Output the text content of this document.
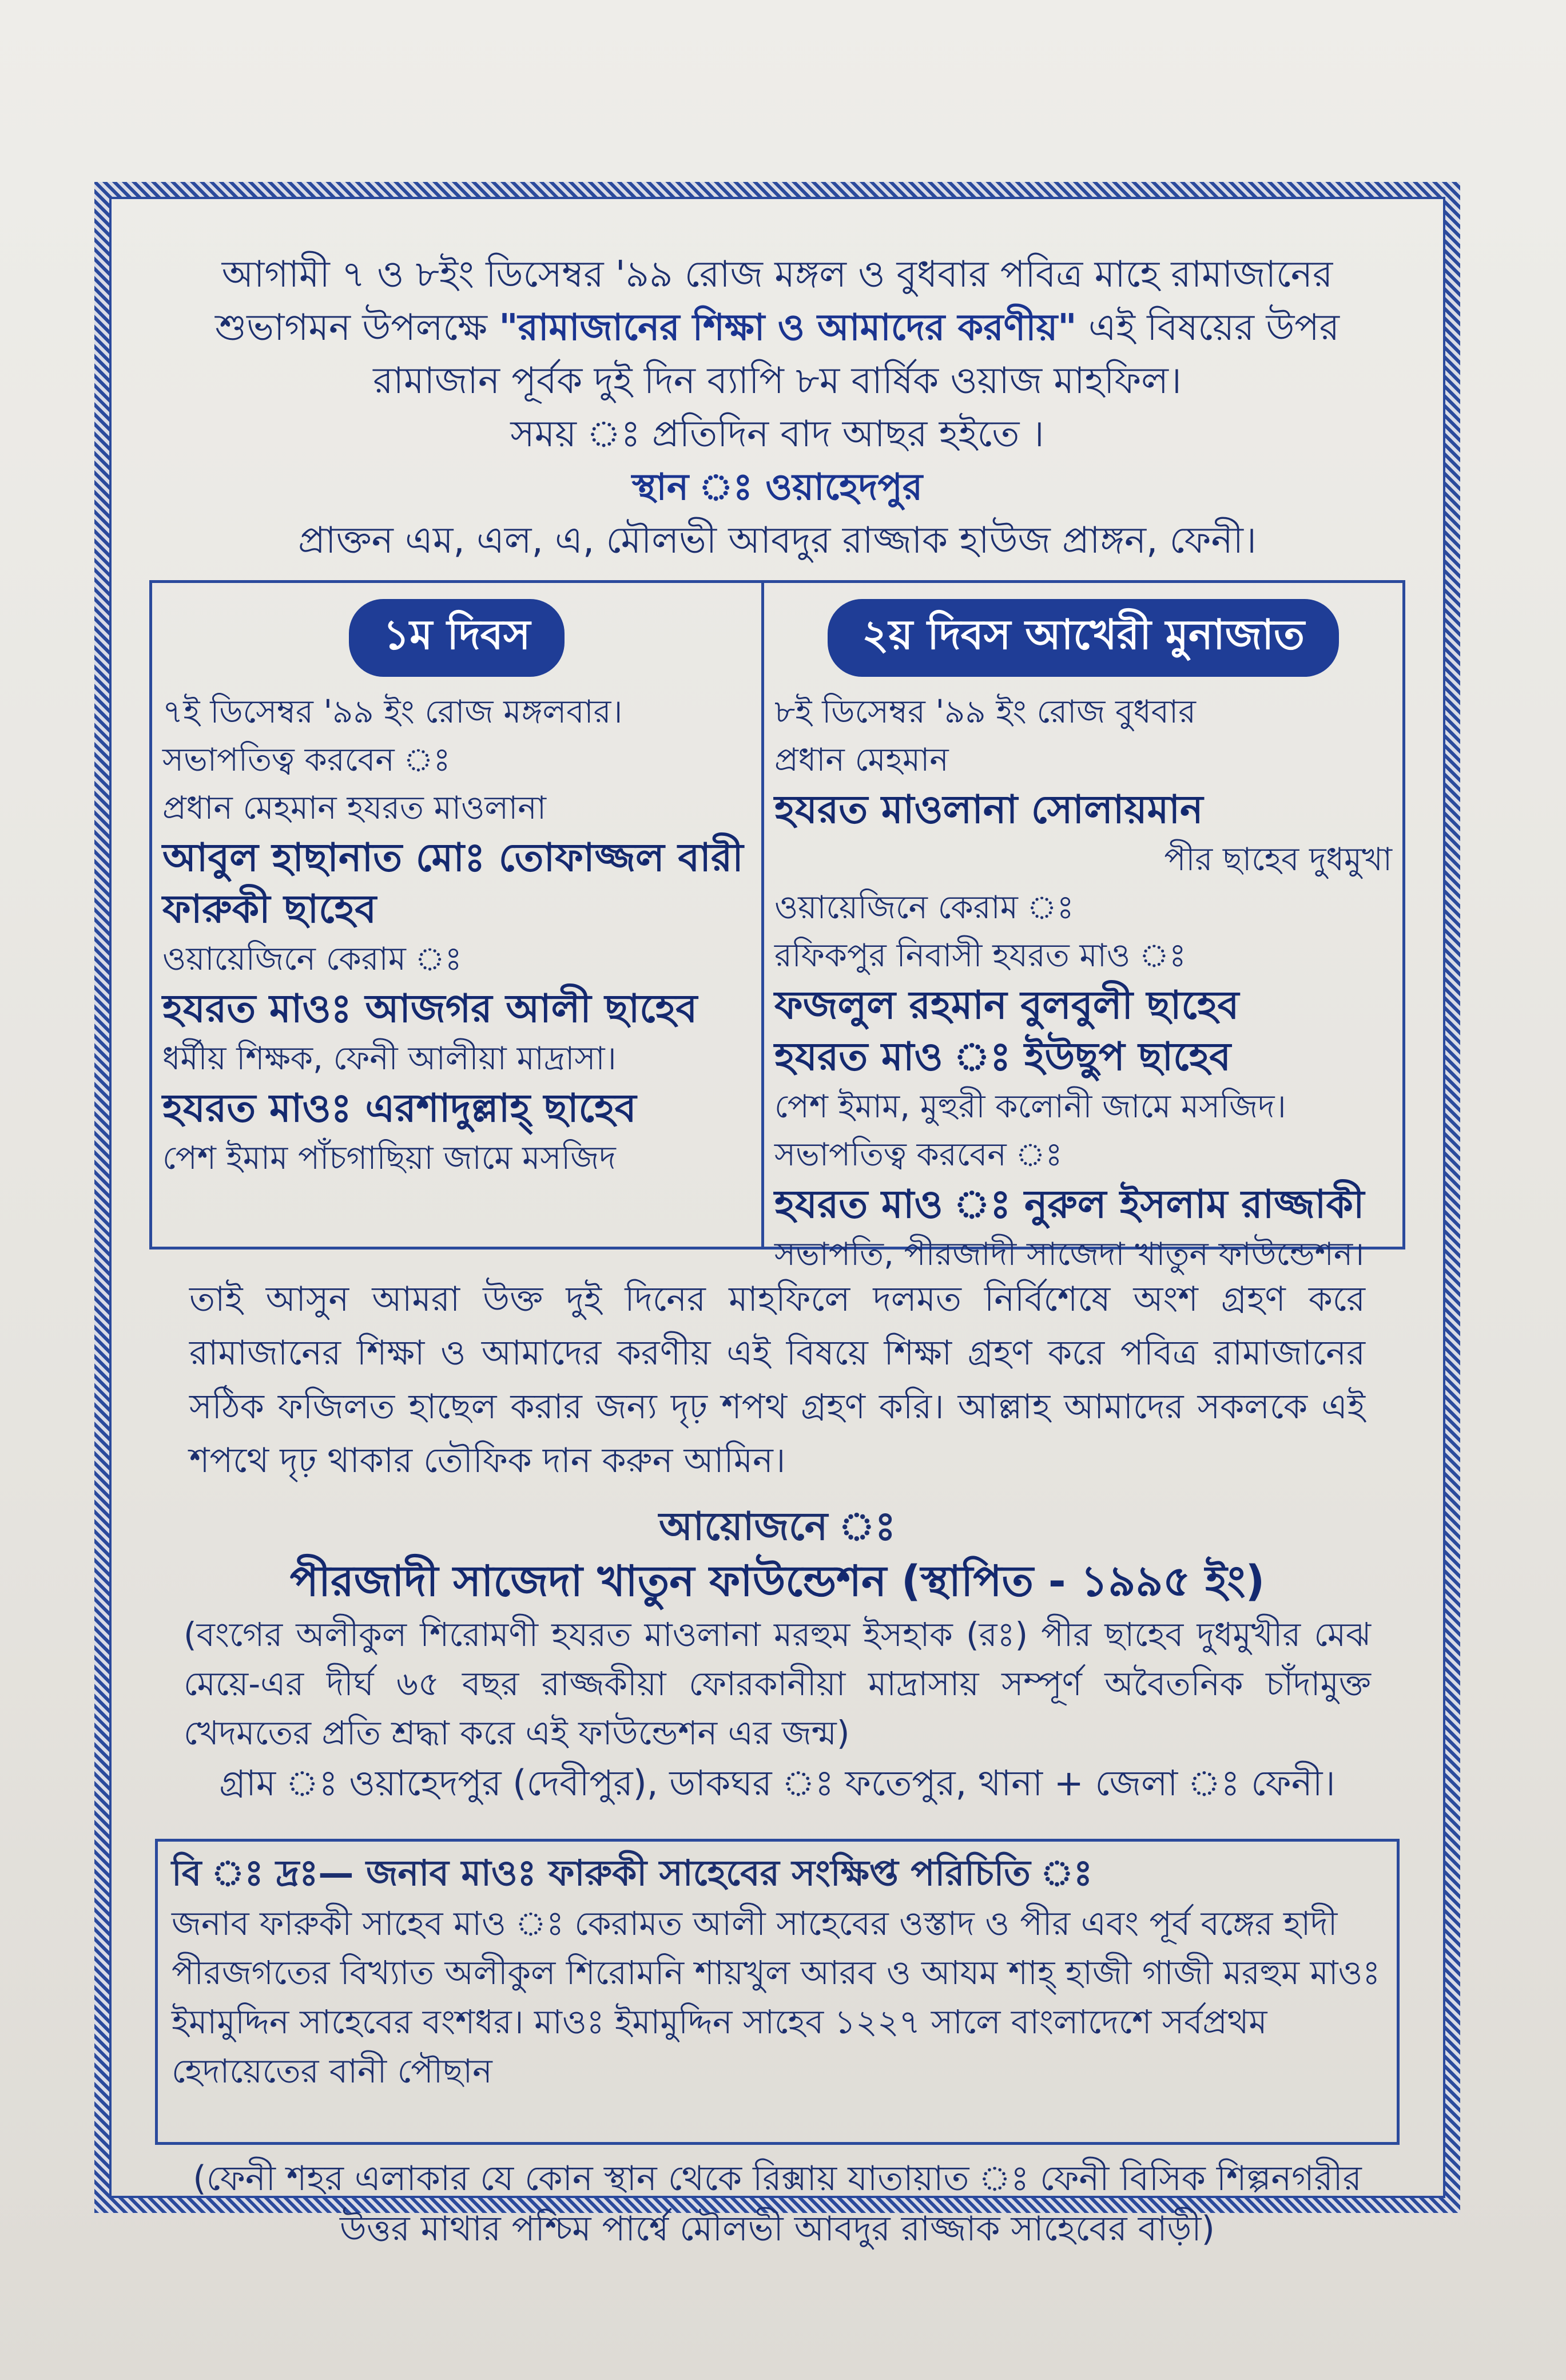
আগামী ৭ ও ৮ইং ডিসেম্বর '৯৯ রোজ মঙ্গল ও বুধবার পবিত্র মাহে রামাজানের
শুভাগমন উপলক্ষে "রামাজানের শিক্ষা ও আমাদের করণীয়" এই বিষয়ের উপর
রামাজান পূর্বক দুই দিন ব্যাপি ৮ম বার্ষিক ওয়াজ মাহফিল।
সময় ঃ প্রতিদিন বাদ আছর হইতে ।
স্থান ঃ ওয়াহেদপুর
প্রাক্তন এম, এল, এ, মৌলভী আবদুর রাজ্জাক হাউজ প্রাঙ্গন, ফেনী।
১ম দিবস
৭ই ডিসেম্বর '৯৯ ইং রোজ মঙ্গলবার।
সভাপতিত্ব করবেন ঃ
প্রধান মেহমান হযরত মাওলানা
আবুল হাছানাত মোঃ তোফাজ্জল বারী
ফারুকী ছাহেব
ওয়ায়েজিনে কেরাম ঃ
হযরত মাওঃ আজগর আলী ছাহেব
ধর্মীয় শিক্ষক, ফেনী আলীয়া মাদ্রাসা।
হযরত মাওঃ এরশাদুল্লাহ্‌ ছাহেব
পেশ ইমাম পাঁচগাছিয়া জামে মসজিদ
২য় দিবস আখেরী মুনাজাত
৮ই ডিসেম্বর '৯৯ ইং রোজ বুধবার
প্রধান মেহমান
হযরত মাওলানা সোলায়মান
পীর ছাহেব দুধমুখা
ওয়ায়েজিনে কেরাম ঃ
রফিকপুর নিবাসী হযরত মাও ঃ
ফজলুল রহমান বুলবুলী ছাহেব
হযরত মাও ঃ ইউছুপ ছাহেব
পেশ ইমাম, মুহুরী কলোনী জামে মসজিদ।
সভাপতিত্ব করবেন ঃ
হযরত মাও ঃ নুরুল ইসলাম রাজ্জাকী
সভাপতি, পীরজাদী সাজেদা খাতুন ফাউন্ডেশন।
তাই আসুন আমরা উক্ত দুই দিনের মাহফিলে দলমত নির্বিশেষে অংশ গ্রহণ করে রামাজানের শিক্ষা ও আমাদের করণীয় এই বিষয়ে শিক্ষা গ্রহণ করে পবিত্র রামাজানের সঠিক ফজিলত হাছেল করার জন্য দৃঢ় শপথ গ্রহণ করি। আল্লাহ আমাদের সকলকে এই শপথে দৃঢ় থাকার তৌফিক দান করুন আমিন।
আয়োজনে ঃ
পীরজাদী সাজেদা খাতুন ফাউন্ডেশন (স্থাপিত - ১৯৯৫ ইং)
(বংগের অলীকুল শিরোমণী হযরত মাওলানা মরহুম ইসহাক (রঃ) পীর ছাহেব দুধমুখীর মেঝ মেয়ে-এর দীর্ঘ ৬৫ বছর রাজ্জকীয়া ফোরকানীয়া মাদ্রাসায় সম্পূর্ণ অবৈতনিক চাঁদামুক্ত খেদমতের প্রতি শ্রদ্ধা করে এই ফাউন্ডেশন এর জন্ম)
গ্রাম ঃ ওয়াহেদপুর (দেবীপুর), ডাকঘর ঃ ফতেপুর, থানা + জেলা ঃ ফেনী।
বি ঃ দ্রঃ— জনাব মাওঃ ফারুকী সাহেবের সংক্ষিপ্ত পরিচিতি ঃ
জনাব ফারুকী সাহেব মাও ঃ কেরামত আলী সাহেবের ওস্তাদ ও পীর এবং পূর্ব বঙ্গের হাদী পীরজগতের বিখ্যাত অলীকুল শিরোমনি শায়খুল আরব ও আযম শাহ্‌ হাজী গাজী মরহুম মাওঃ ইমামুদ্দিন সাহেবের বংশধর। মাওঃ ইমামুদ্দিন সাহেব ১২২৭ সালে বাংলাদেশে সর্বপ্রথম হেদায়েতের বানী পৌছান
(ফেনী শহর এলাকার যে কোন স্থান থেকে রিক্সায় যাতায়াত ঃ ফেনী বিসিক শিল্পনগরীর
উত্তর মাথার পশ্চিম পার্শ্বে মৌলভী আবদুর রাজ্জাক সাহেবের বাড়ী)
